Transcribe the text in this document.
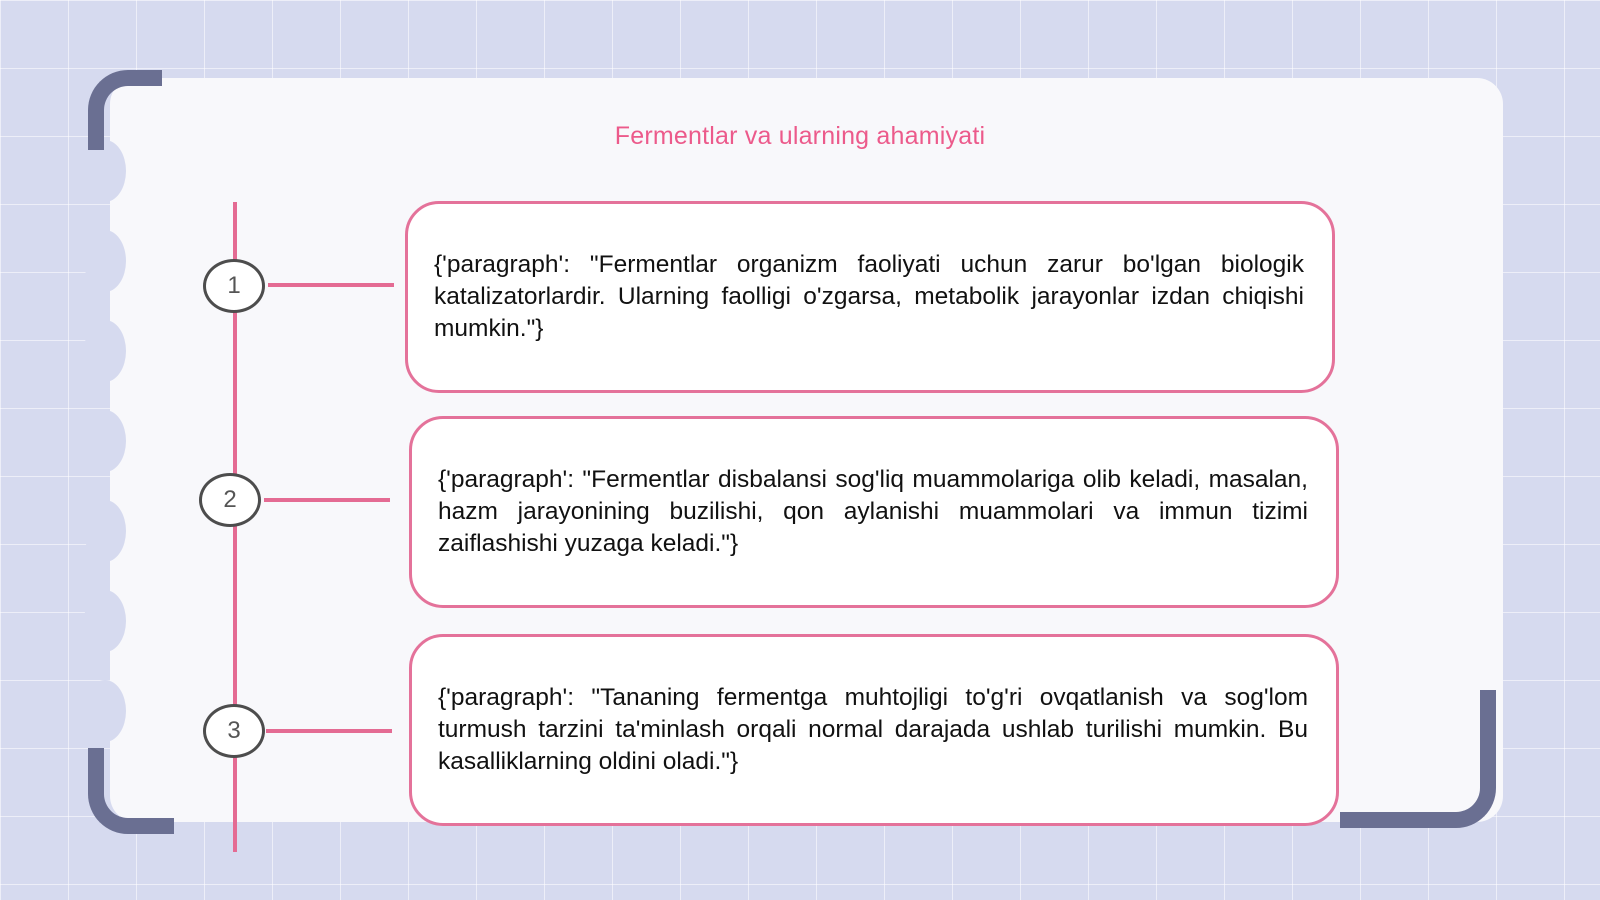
Fermentlar va ularning ahamiyati
1

{'paragraph': "Fermentlar organizm faoliyati uchun zarur bo'lgan biologik katalizatorlardir. Ularning faolligi o'zgarsa, metabolik jarayonlar izdan chiqishi mumkin."}

2

{'paragraph': "Fermentlar disbalansi sog'liq muammolariga olib keladi, masalan, hazm jarayonining buzilishi, qon aylanishi muammolari va immun tizimi zaiflashishi yuzaga keladi."}

3

{'paragraph': "Tananing fermentga muhtojligi to'g'ri ovqatlanish va sog'lom turmush tarzini ta'minlash orqali normal darajada ushlab turilishi mumkin. Bu kasalliklarning oldini oladi."}
